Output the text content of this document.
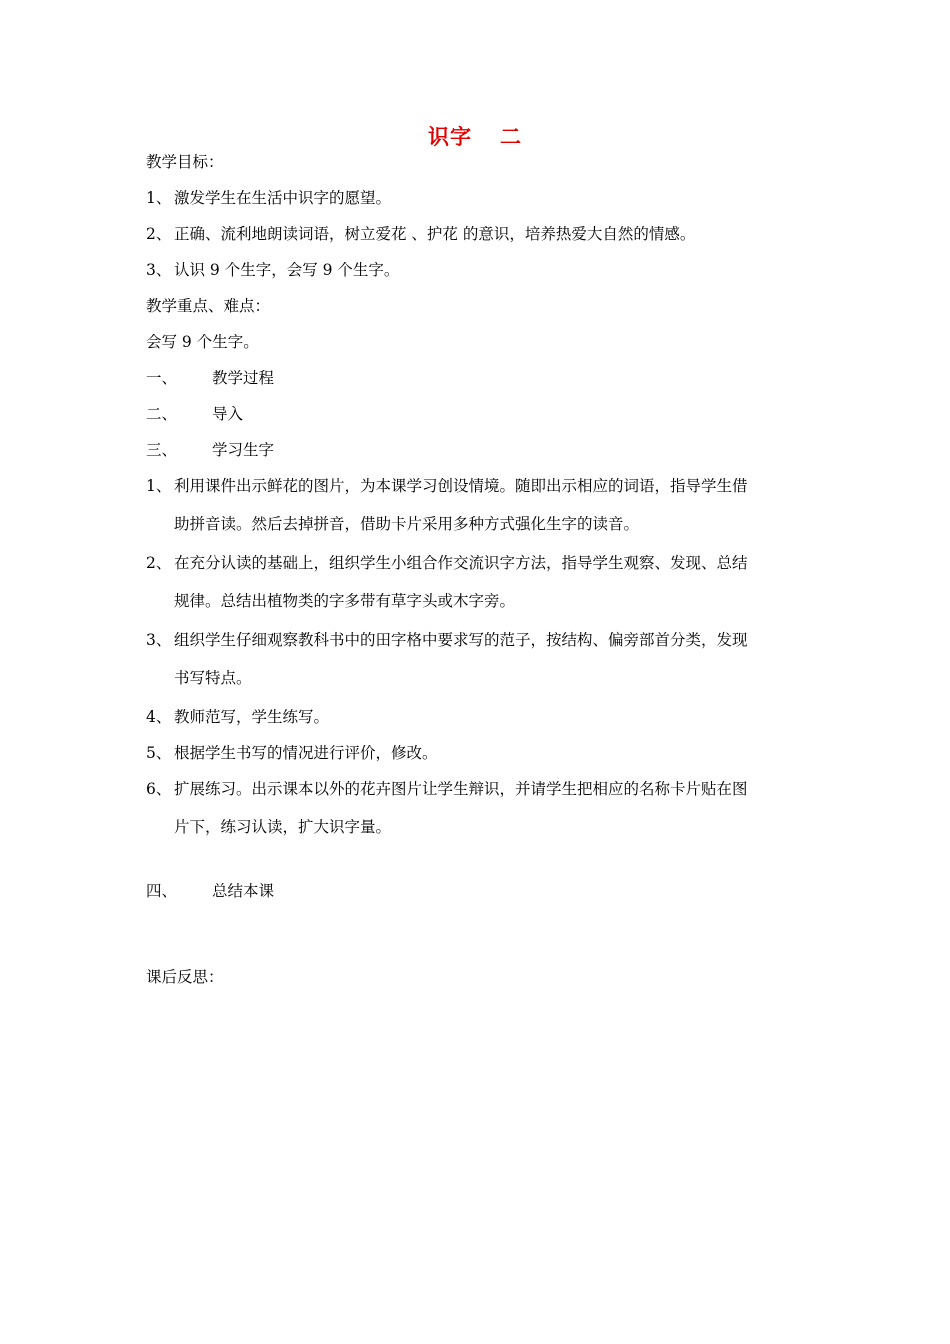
识字 二
教学目标：
1、 激发学生在生活中识字的愿望。
2、 正确、流利地朗读词语，树立爱花 、护花 的意识，培养热爱大自然的情感。
3、 认识 9 个生字，会写 9 个生字。
教学重点、难点：
会写 9 个生字。
一、 教学过程
二、 导入
三、 学习生字
1、 利用课件出示鲜花的图片，为本课学习创设情境。随即出示相应的词语，指导学生借
助拼音读。然后去掉拼音，借助卡片采用多种方式强化生字的读音。
2、 在充分认读的基础上，组织学生小组合作交流识字方法，指导学生观察、发现、总结
规律。总结出植物类的字多带有草字头或木字旁。
3、 组织学生仔细观察教科书中的田字格中要求写的范子，按结构、偏旁部首分类，发现
书写特点。
4、 教师范写，学生练写。
5、 根据学生书写的情况进行评价，修改。
6、 扩展练习。出示课本以外的花卉图片让学生辩识，并请学生把相应的名称卡片贴在图
片下，练习认读，扩大识字量。
四、 总结本课
课后反思：
